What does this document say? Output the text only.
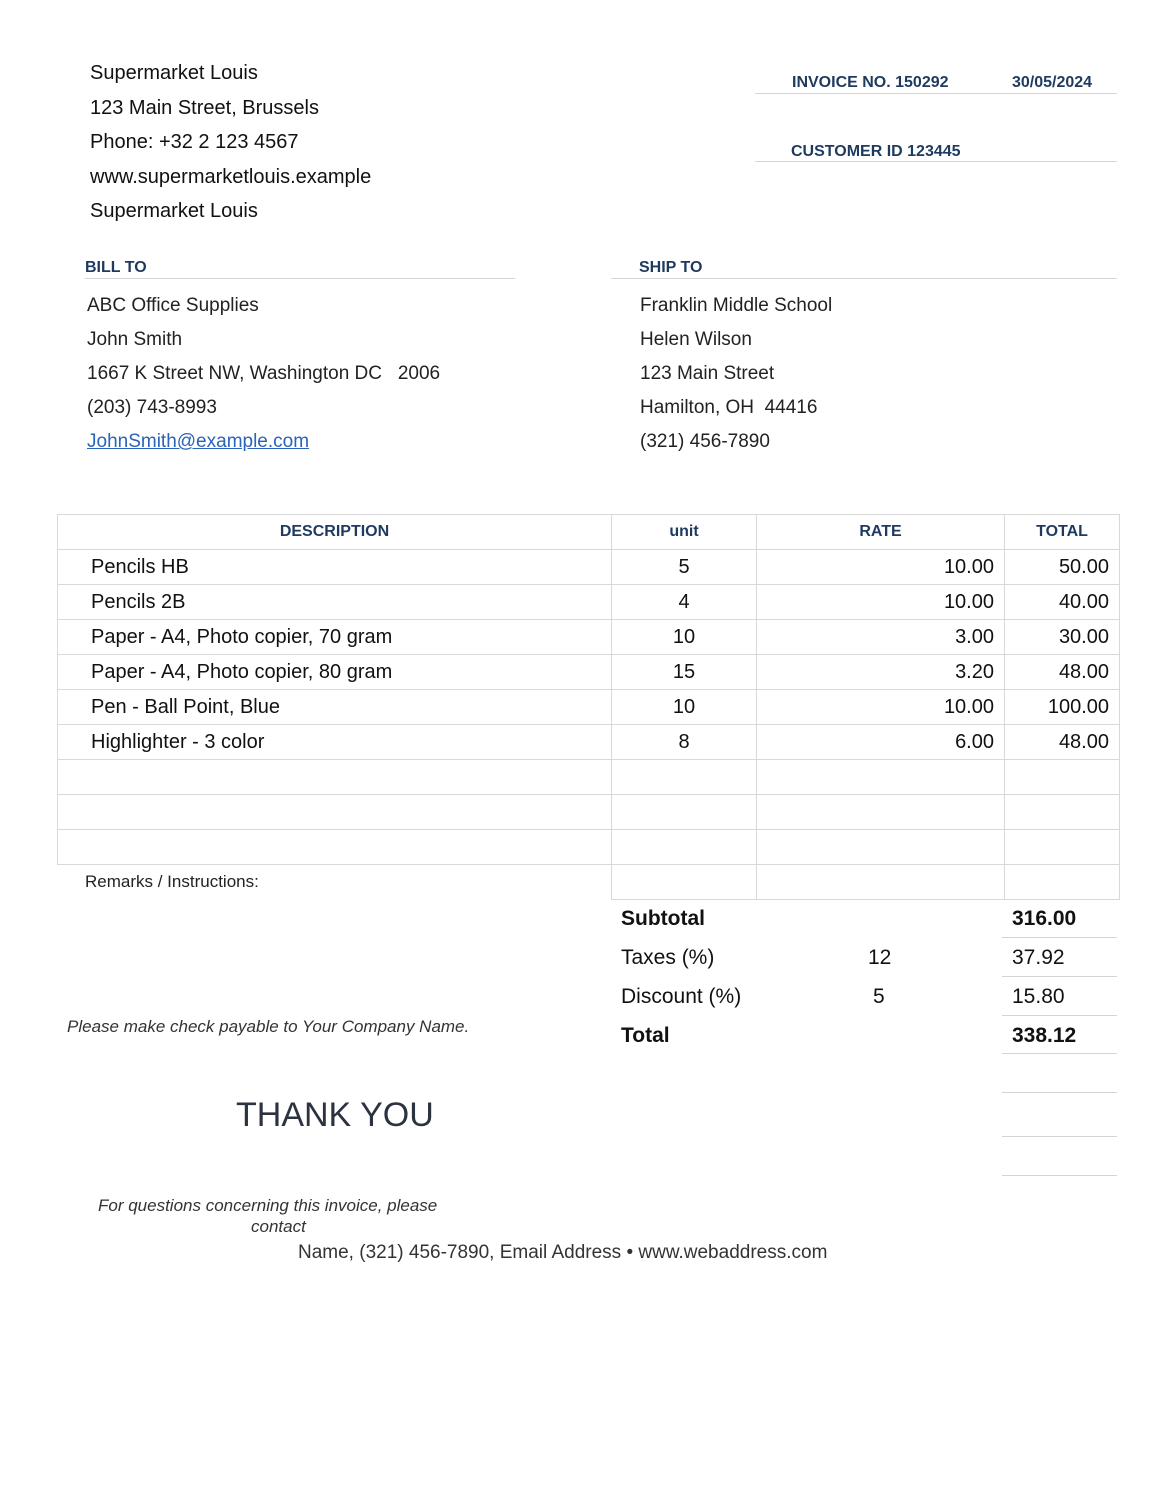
Supermarket Louis
123 Main Street, Brussels
Phone: +32 2 123 4567
www.supermarketlouis.example
Supermarket Louis
INVOICE NO. 150292	30/05/2024
CUSTOMER ID 123445
BILL TO	SHIP TO
ABC Office Supplies
John Smith
1667 K Street NW, Washington DC   2006
(203) 743-8993
JohnSmith@example.com
Franklin Middle School
Helen Wilson
123 Main Street
Hamilton, OH  44416
(321) 456-7890
DESCRIPTION	unit	RATE	TOTAL
Pencils HB	5	10.00	50.00
Pencils 2B	4	10.00	40.00
Paper - A4, Photo copier, 70 gram	10	3.00	30.00
Paper - A4, Photo copier, 80 gram	15	3.20	48.00
Pen - Ball Point, Blue	10	10.00	100.00
Highlighter - 3 color	8	6.00	48.00

Remarks / Instructions:
Subtotal	316.00
Taxes (%)	12	37.92
Discount (%)	5	15.80
Total	338.12
Please make check payable to Your Company Name.
THANK YOU
For questions concerning this invoice, please
contact
Name, (321) 456-7890, Email Address • www.webaddress.com
